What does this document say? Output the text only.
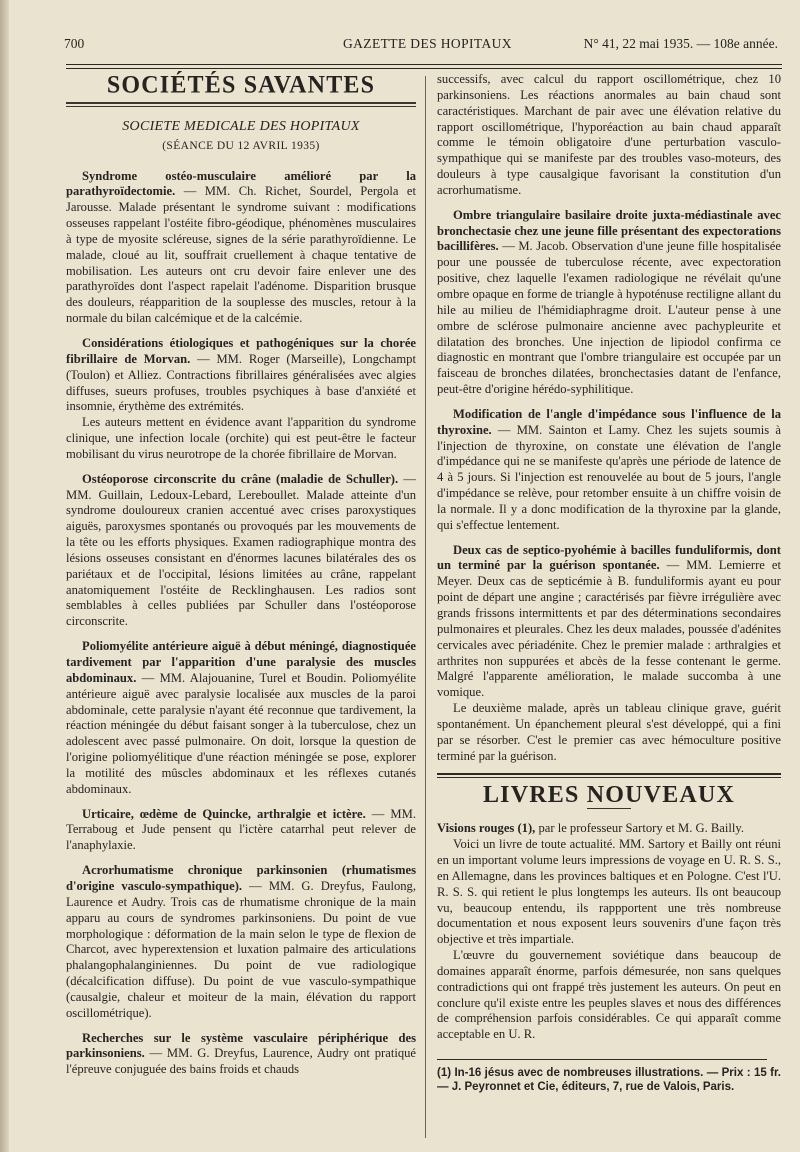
700	GAZETTE DES HOPITAUX	N° 41, 22 mai 1935. — 108e année.
SOCIÉTÉS SAVANTES
SOCIETE MEDICALE DES HOPITAUX
(SÉANCE DU 12 AVRIL 1935)

Syndrome ostéo-musculaire amélioré par la parathyroïdectomie. — MM. Ch. Richet, Sourdel, Pergola et Jarousse. Malade présentant le syndrome suivant : modifications osseuses rappelant l'ostéite fibro-géodique, phénomènes musculaires à type de myosite scléreuse, signes de la série parathyroïdienne. Le malade, cloué au lit, souffrait cruellement à chaque tentative de mobilisation. Les auteurs ont cru devoir faire enlever une des parathyroïdes dont l'aspect rapelait l'adénome. Disparition brusque des douleurs, réapparition de la souplesse des muscles, retour à la normale du bilan calcémique et de la calcémie.

Considérations étiologiques et pathogéniques sur la chorée fibrillaire de Morvan. — MM. Roger (Marseille), Longchampt (Toulon) et Alliez. Contractions fibrillaires généralisées avec algies diffuses, sueurs profuses, troubles psychiques à base d'anxiété et insomnie, érythème des extrémités.

Les auteurs mettent en évidence avant l'apparition du syndrome clinique, une infection locale (orchite) qui est peut-être le facteur mobilisant du virus neurotrope de la chorée fibrillaire de Morvan.

Ostéoporose circonscrite du crâne (maladie de Schuller). — MM. Guillain, Ledoux-Lebard, Lereboullet. Malade atteinte d'un syndrome douloureux cranien accentué avec crises paroxystiques aiguës, paroxysmes spontanés ou provoqués par les mouvements de la tête ou les efforts physiques. Examen radiographique montra des lésions osseuses consistant en d'énormes lacunes bilatérales des os pariétaux et de l'occipital, lésions limitées au crâne, rappelant anatomiquement l'ostéite de Recklinghausen. Les radios sont semblables à celles publiées par Schuller dans l'ostéoporose circonscrite.

Poliomyélite antérieure aiguë à début méningé, diagnostiquée tardivement par l'apparition d'une paralysie des muscles abdominaux. — MM. Alajouanine, Turel et Boudin. Poliomyélite antérieure aiguë avec paralysie localisée aux muscles de la paroi abdominale, cette paralysie n'ayant été reconnue que tardivement, la réaction méningée du début faisant songer à la tuberculose, chez un adolescent avec passé pulmonaire. On doit, lorsque la question de l'origine poliomyélitique d'une réaction méningée se pose, explorer la motilité des mûscles abdominaux et les réflexes cutanés abdominaux.

Urticaire, œdème de Quincke, arthralgie et ictère. — MM. Terraboug et Jude pensent qu l'ictère catarrhal peut relever de l'anaphylaxie.

Acrorhumatisme chronique parkinsonien (rhumatismes d'origine vasculo-sympathique). — MM. G. Dreyfus, Faulong, Laurence et Audry. Trois cas de rhumatisme chronique de la main apparu au cours de syndromes parkinsoniens. Du point de vue morphologique : déformation de la main selon le type de flexion de Charcot, avec hyperextension et luxation palmaire des articulations phalangophalanginiennes. Du point de vue radiologique (décalcification diffuse). Du point de vue vasculo-sympathique (causalgie, chaleur et moiteur de la main, élévation du rapport oscillométrique).

Recherches sur le système vasculaire périphérique des parkinsoniens. — MM. G. Dreyfus, Laurence, Audry ont pratiqué l'épreuve conjuguée des bains froids et chauds

successifs, avec calcul du rapport oscillométrique, chez 10 parkinsoniens. Les réactions anormales au bain chaud sont caractéristiques. Marchant de pair avec une élévation relative du rapport oscillométrique, l'hyporéaction au bain chaud apparaît comme le témoin obligatoire d'une perturbation vasculo-sympathique qui se manifeste par des troubles vaso-moteurs, des douleurs à type causalgique favorisant la constitution d'un acrorhumatisme.

Ombre triangulaire basilaire droite juxta-médiastinale avec bronchectasie chez une jeune fille présentant des expectorations bacillifères. — M. Jacob. Observation d'une jeune fille hospitalisée pour une poussée de tuberculose récente, avec expectoration positive, chez laquelle l'examen radiologique ne révélait qu'une ombre opaque en forme de triangle à hypoténuse rectiligne allant du hile au milieu de l'hémidiaphragme droit. L'auteur pense à une ombre de sclérose pulmonaire ancienne avec pachypleurite et dilatation des bronches. Une injection de lipiodol confirma ce diagnostic en montrant que l'ombre triangulaire est occupée par un faisceau de bronches dilatées, bronchectasies datant de l'enfance, peut-être d'origine hérédo-syphilitique.

Modification de l'angle d'impédance sous l'influence de la thyroxine. — MM. Sainton et Lamy. Chez les sujets soumis à l'injection de thyroxine, on constate une élévation de l'angle d'impédance qui ne se manifeste qu'après une période de latence de 4 à 5 jours. Si l'injection est renouvelée au bout de 5 jours, l'angle d'impédance se relève, pour retomber ensuite à un chiffre voisin de la normale. Il y a donc modification de la thyroxine par la glande, qui s'effectue lentement.

Deux cas de septico-pyohémie à bacilles funduliformis, dont un terminé par la guérison spontanée. — MM. Lemierre et Meyer. Deux cas de septicémie à B. funduliformis ayant eu pour point de départ une angine ; caractérisés par fièvre irrégulière avec grands frissons intermittents et par des déterminations secondaires pulmonaires et pleurales. Chez les deux malades, poussée d'adénites cervicales avec périadénite. Chez le premier malade : arthralgies et arthrites non suppurées et abcès de la fesse contenant le germe. Malgré l'apparente amélioration, le malade succomba à une vomique.

Le deuxième malade, après un tableau clinique grave, guérit spontanément. Un épanchement pleural s'est développé, qui a fini par se résorber. C'est le premier cas avec hémoculture positive terminé par la guérison.

LIVRES NOUVEAUX

Visions rouges (1), par le professeur Sartory et M. G. Bailly.

Voici un livre de toute actualité. MM. Sartory et Bailly ont réuni en un important volume leurs impressions de voyage en U. R. S. S., en Allemagne, dans les provinces baltiques et en Pologne. C'est l'U. R. S. S. qui retient le plus longtemps les auteurs. Ils ont beaucoup vu, beaucoup entendu, ils rappportent une très nombreuse documentation et nous exposent leurs souvenirs d'une façon très objective et très impartiale.

L'œuvre du gouvernement soviétique dans beaucoup de domaines apparaît énorme, parfois démesurée, non sans quelques contradictions qui ont frappé très justement les auteurs. On peut en conclure qu'il existe entre les peuples slaves et nous des différences de compréhension parfois considérables. Ce qui apparaît comme acceptable en U. R.

(1) In-16 jésus avec de nombreuses illustrations. — Prix : 15 fr. — J. Peyronnet et Cie, éditeurs, 7, rue de Valois, Paris.
